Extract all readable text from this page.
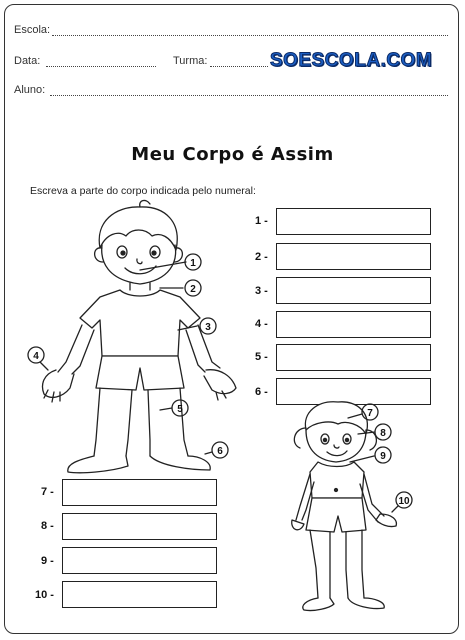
Escola:
Data:	Turma:	SOESCOLA.COM
Aluno:
Meu Corpo é Assim
Escreva a parte do corpo indicada pelo numeral:
1 -
2 -
3 -
4 -
5 -
6 -
7 -
8 -
9 -
10 -
1
2
3
4
5
6
7
8
9
10
